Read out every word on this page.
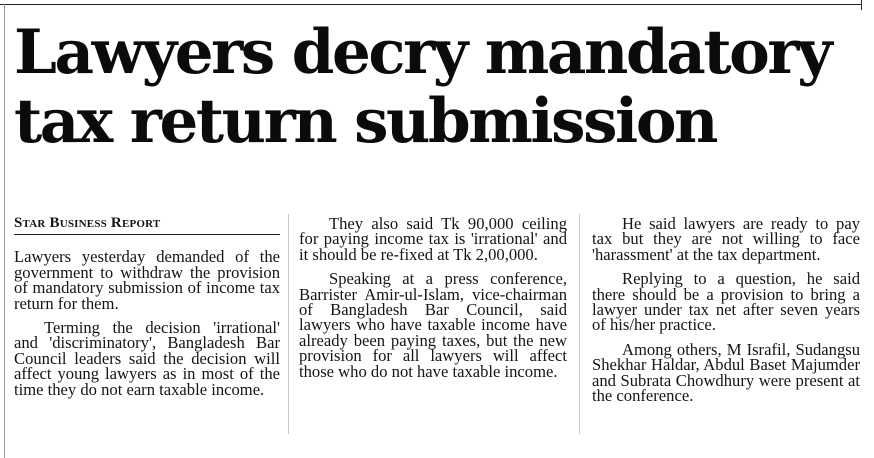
Lawyers decry mandatory
tax return submission
Star Business Report

Lawyers yesterday demanded of the government to withdraw the provision of mandatory submission of income tax return for them.

Terming the decision 'irrational' and 'discriminatory', Bangladesh Bar Council leaders said the decision will affect young lawyers as in most of the time they do not earn taxable income.

They also said Tk 90,000 ceiling for paying income tax is 'irrational' and it should be re-fixed at Tk 2,00,000.

Speaking at a press conference, Barrister Amir-ul-Islam, vice-chairman of Bangladesh Bar Council, said lawyers who have taxable income have already been paying taxes, but the new provision for all lawyers will affect those who do not have taxable income.

He said lawyers are ready to pay tax but they are not willing to face 'harassment' at the tax department.

Replying to a question, he said there should be a provision to bring a lawyer under tax net after seven years of his/her practice.

Among others, M Israfil, Sudangsu Shekhar Haldar, Abdul Baset Majumder and Subrata Chowdhury were present at the conference.
